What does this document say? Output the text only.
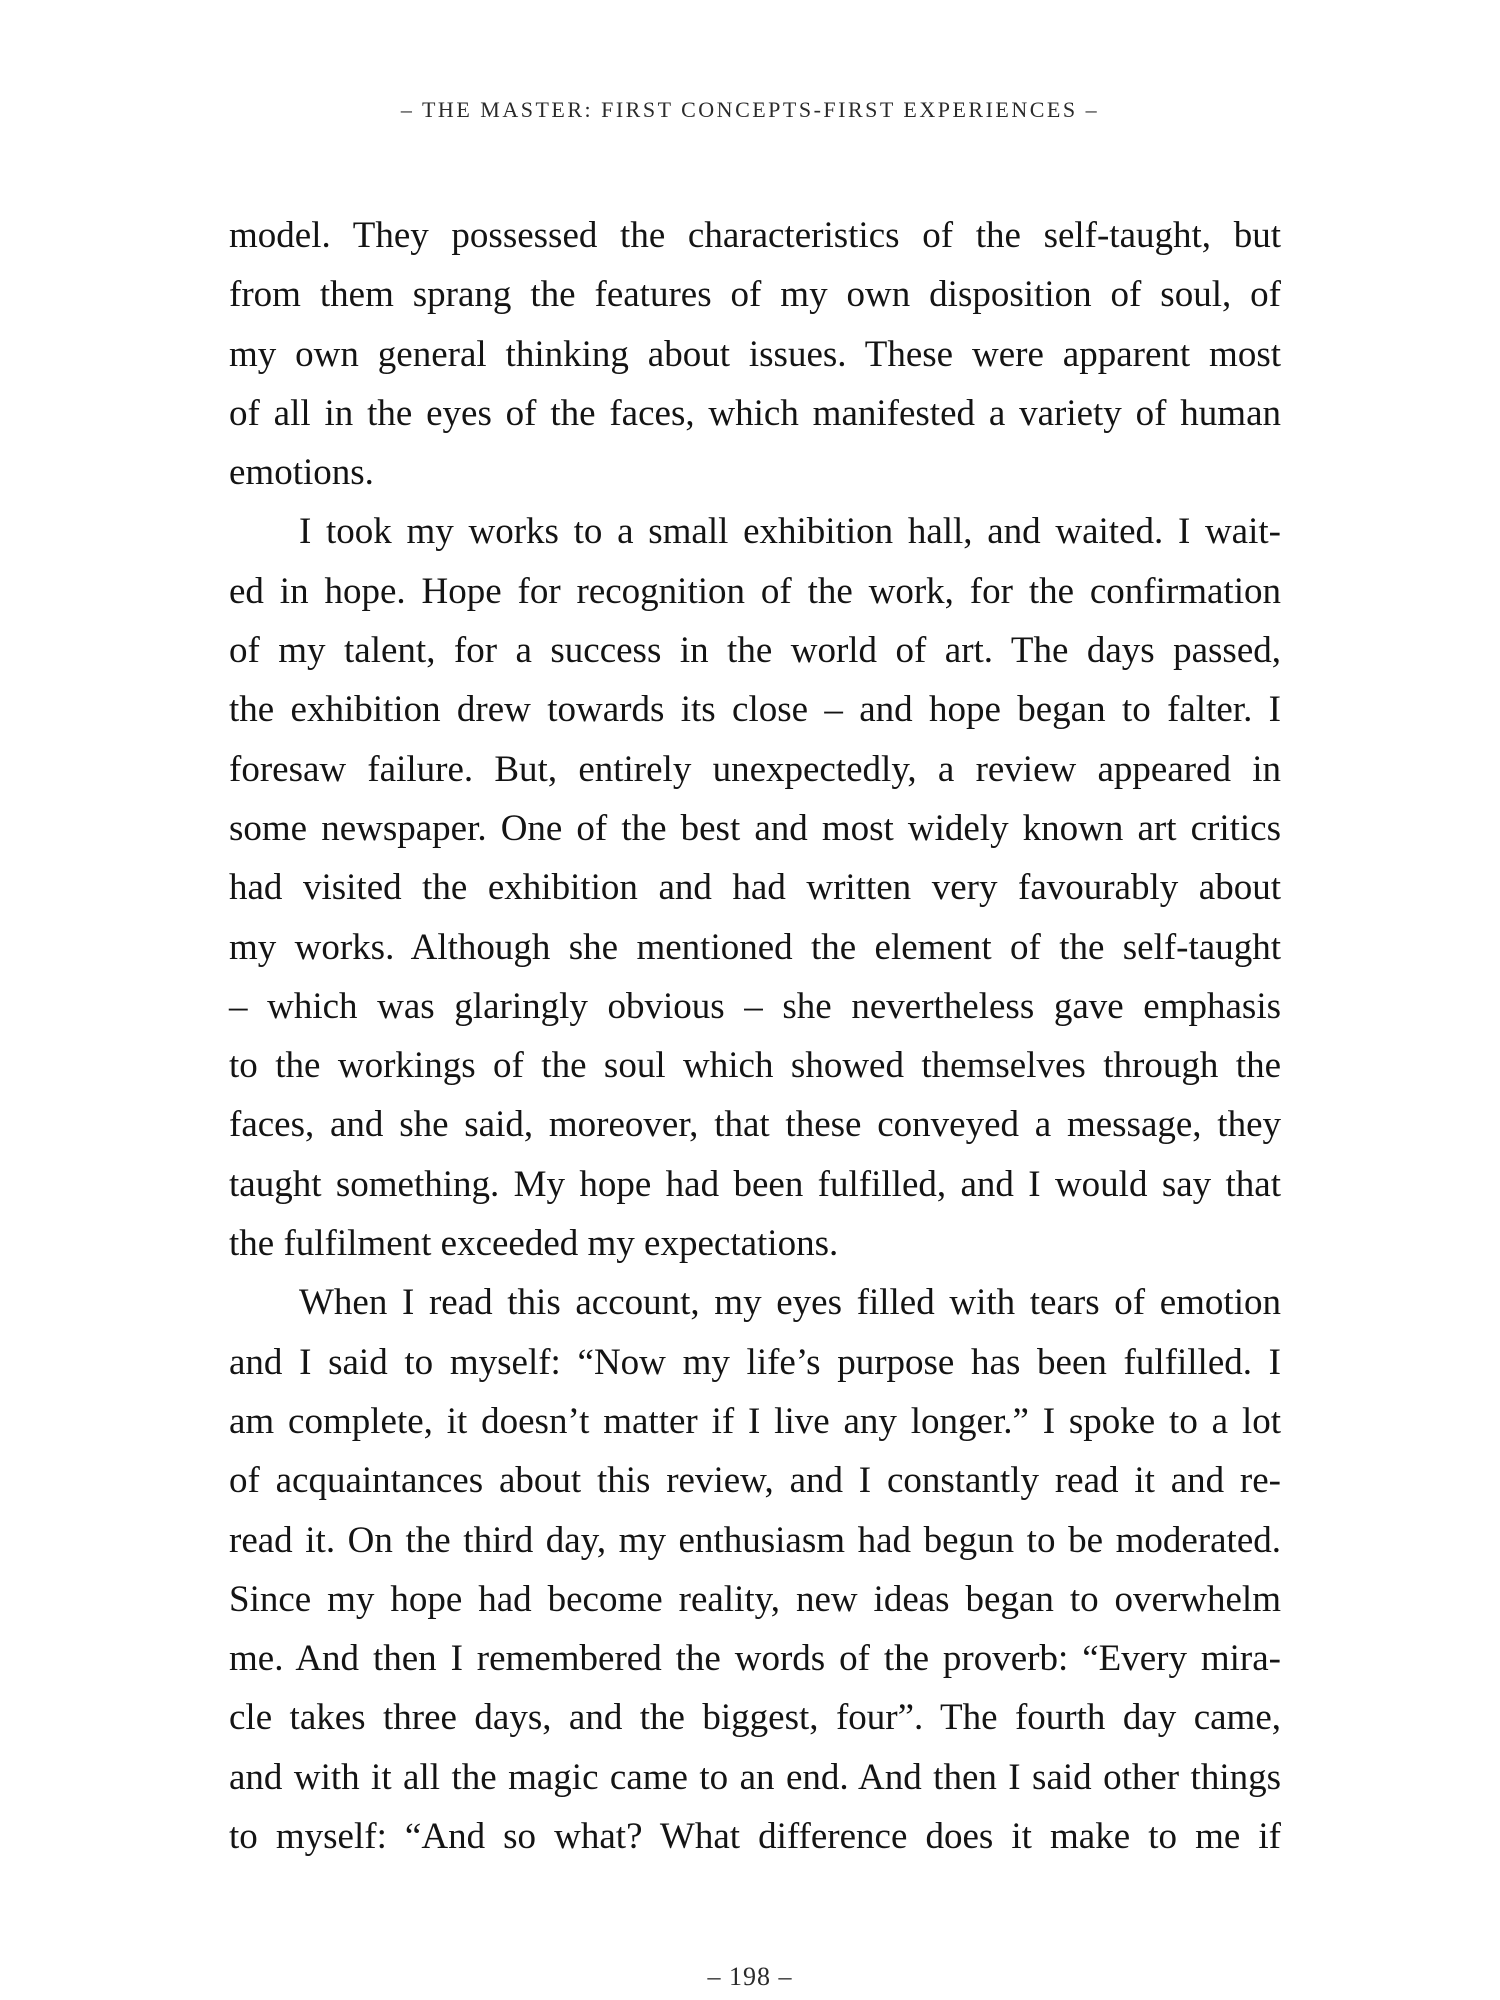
– THE MASTER: FIRST CONCEPTS-FIRST EXPERIENCES –

model. They possessed the characteristics of the self-taught, but
from them sprang the features of my own disposition of soul, of
my own general thinking about issues. These were apparent most
of all in the eyes of the faces, which manifested a variety of human
emotions.

I took my works to a small exhibition hall, and waited. I wait-
ed in hope. Hope for recognition of the work, for the confirmation
of my talent, for a success in the world of art. The days passed,
the exhibition drew towards its close – and hope began to falter. I
foresaw failure. But, entirely unexpectedly, a review appeared in
some newspaper. One of the best and most widely known art critics
had visited the exhibition and had written very favourably about
my works. Although she mentioned the element of the self-taught
– which was glaringly obvious – she nevertheless gave emphasis
to the workings of the soul which showed themselves through the
faces, and she said, moreover, that these conveyed a message, they
taught something. My hope had been fulfilled, and I would say that
the fulfilment exceeded my expectations.

When I read this account, my eyes filled with tears of emotion
and I said to myself: “Now my life’s purpose has been fulfilled. I
am complete, it doesn’t matter if I live any longer.” I spoke to a lot
of acquaintances about this review, and I constantly read it and re-
read it. On the third day, my enthusiasm had begun to be moderated.
Since my hope had become reality, new ideas began to overwhelm
me. And then I remembered the words of the proverb: “Every mira-
cle takes three days, and the biggest, four”. The fourth day came,
and with it all the magic came to an end. And then I said other things
to myself: “And so what? What difference does it make to me if

– 198 –
